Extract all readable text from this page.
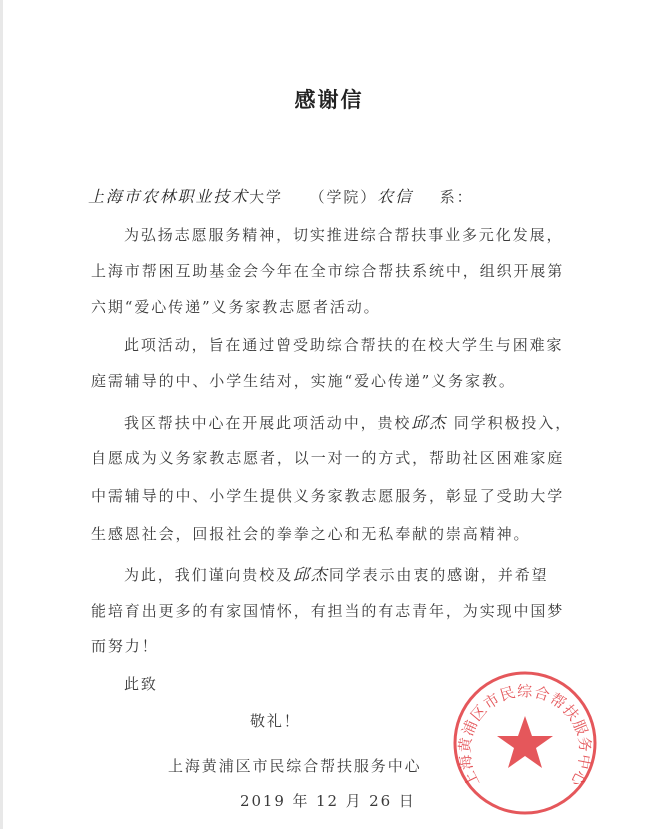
感谢信
上海市农林职业技术大学 （学院）农信 系：
为弘扬志愿服务精神，切实推进综合帮扶事业多元化发展，
上海市帮困互助基金会今年在全市综合帮扶系统中，组织开展第
六期“爱心传递”义务家教志愿者活动。
此项活动，旨在通过曾受助综合帮扶的在校大学生与困难家
庭需辅导的中、小学生结对，实施“爱心传递”义务家教。
我区帮扶中心在开展此项活动中，贵校邱杰 同学积极投入，
自愿成为义务家教志愿者，以一对一的方式，帮助社区困难家庭
中需辅导的中、小学生提供义务家教志愿服务，彰显了受助大学
生感恩社会，回报社会的拳拳之心和无私奉献的崇高精神。
为此，我们谨向贵校及邱杰同学表示由衷的感谢，并希望
能培育出更多的有家国情怀，有担当的有志青年，为实现中国梦
而努力！
此致
敬礼！
上海黄浦区市民综合帮扶服务中心
上海黄浦区市民综合帮扶服务中心
2019 年 12 月 26 日
